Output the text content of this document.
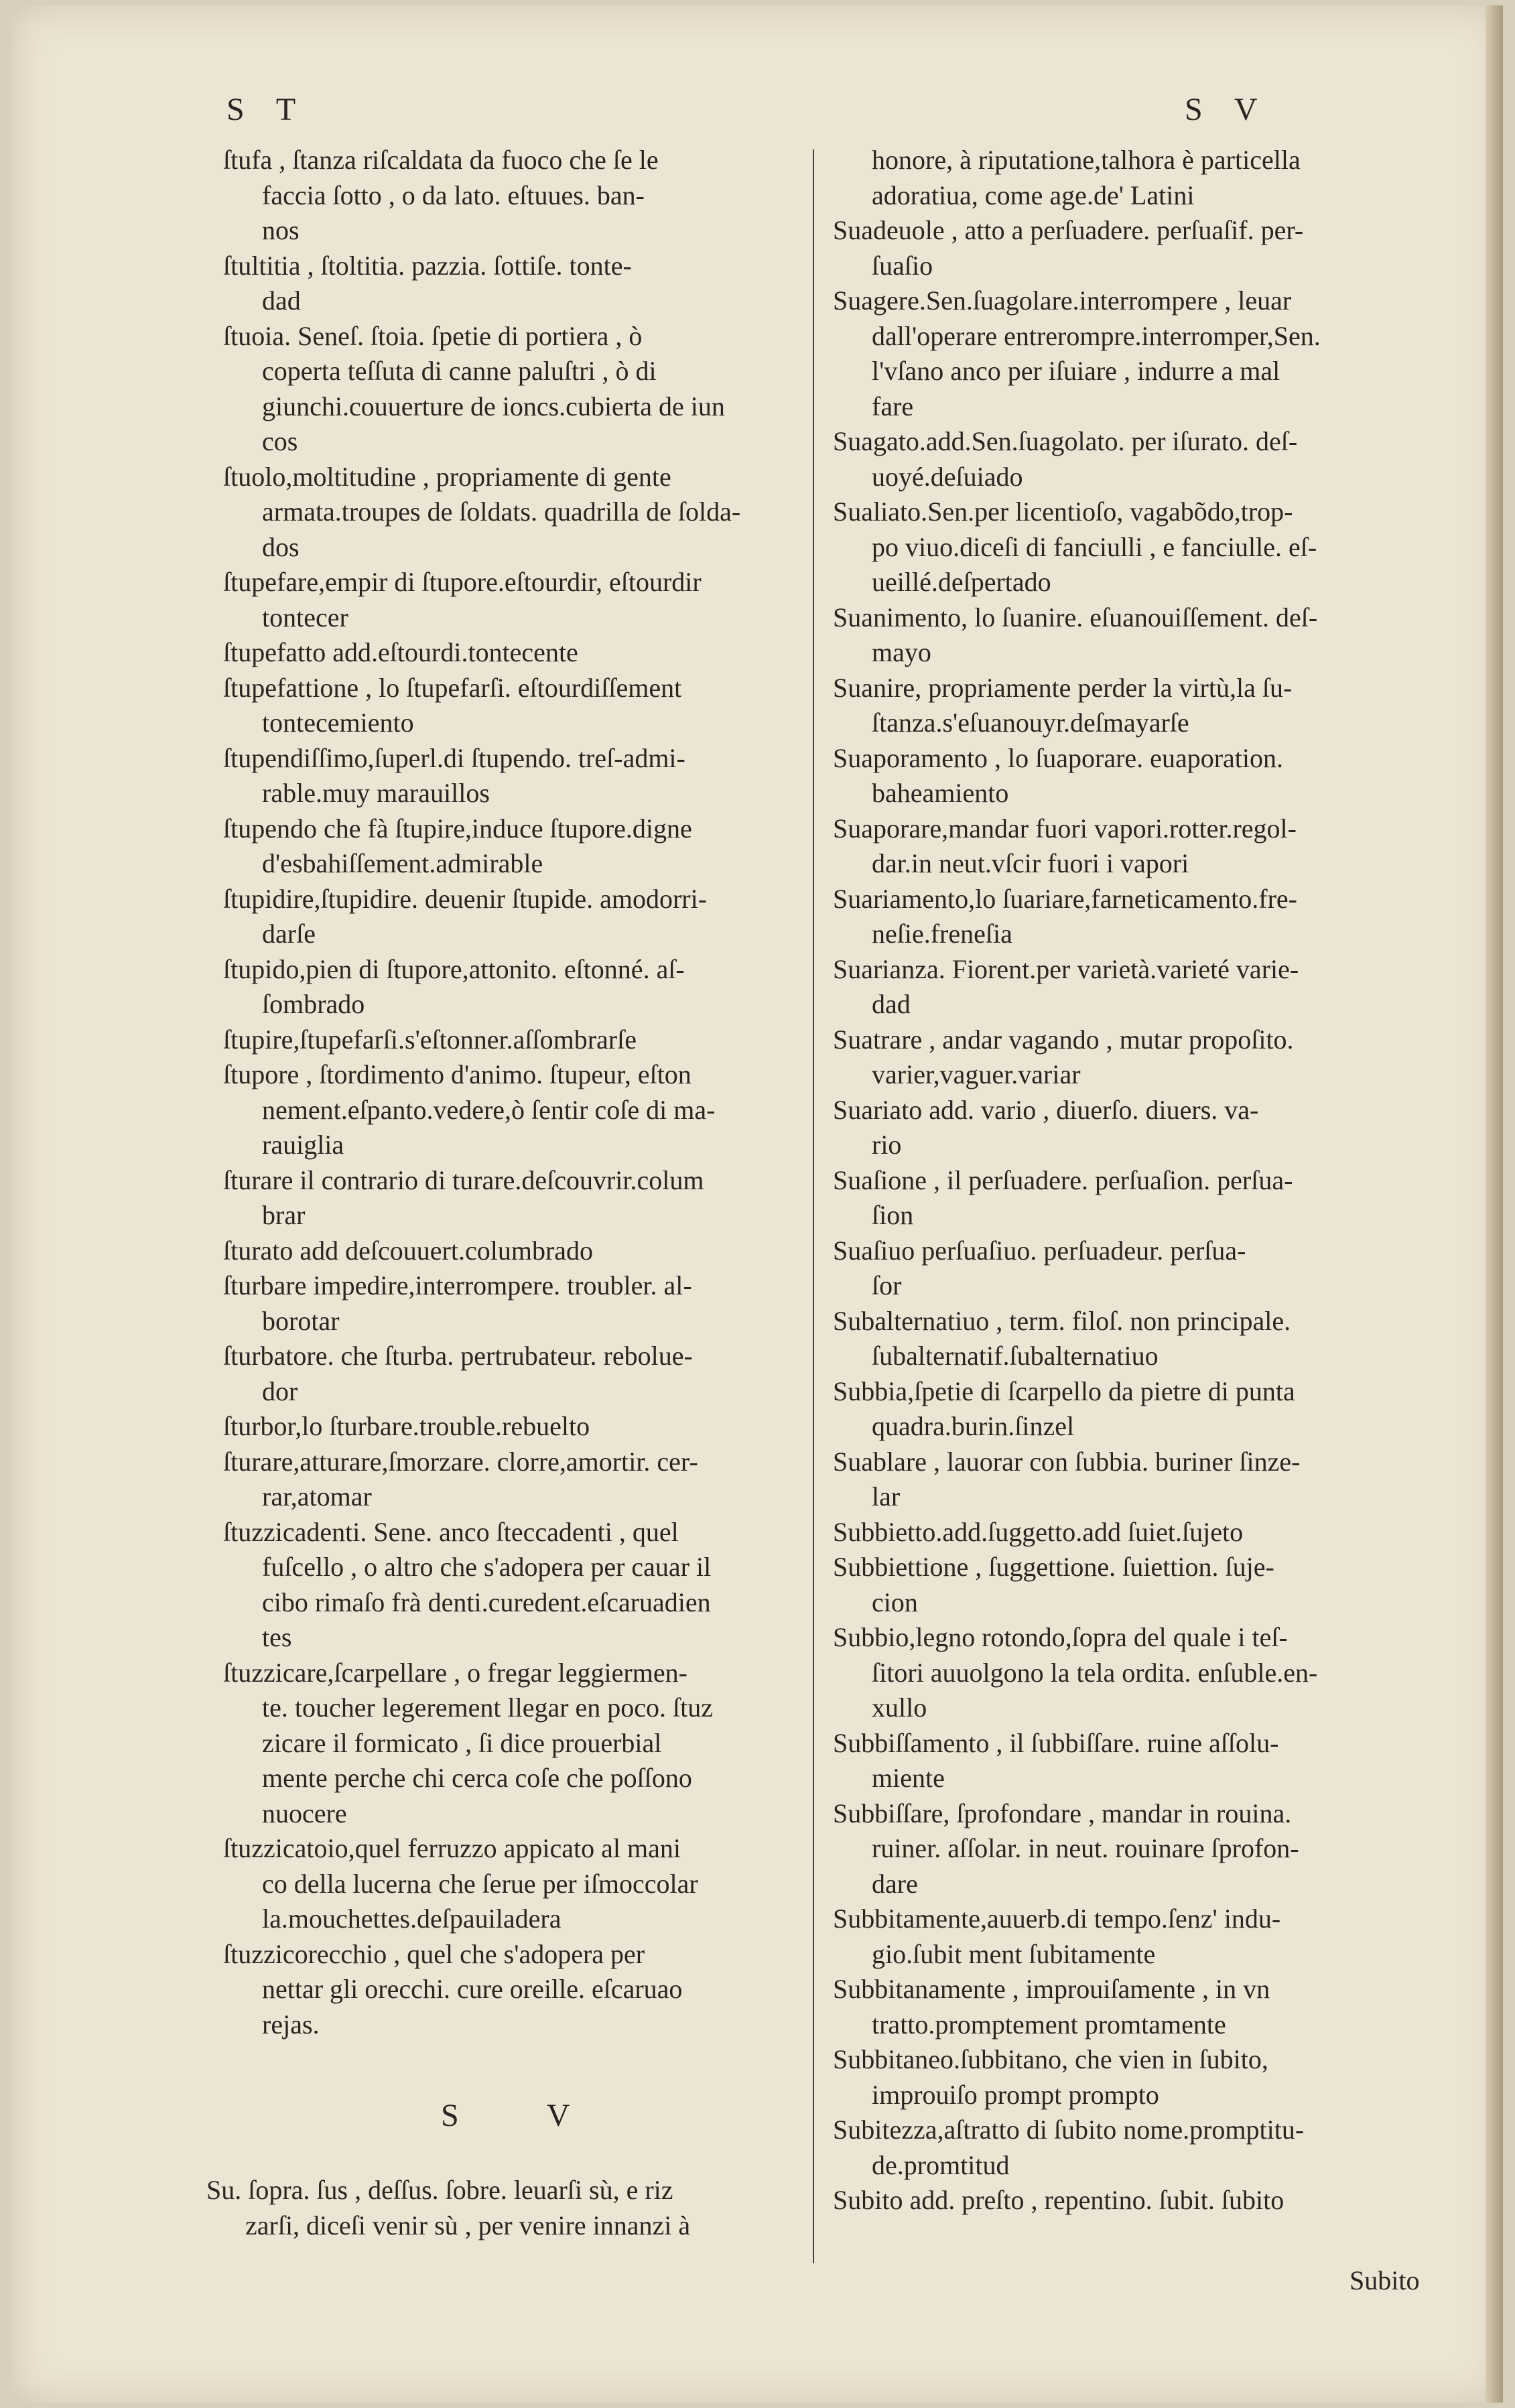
S T	S V
ſtufa , ſtanza riſcaldata da fuoco che ſe le
faccia ſotto , o da lato. eſtuues. ban-
nos
ſtultitia , ſtoltitia. pazzia. ſottiſe. tonte-
dad
ſtuoia. Seneſ. ſtoia. ſpetie di portiera , ò
coperta teſſuta di canne paluſtri , ò di
giunchi.couuerture de ioncs.cubierta de iun
cos
ſtuolo,moltitudine , propriamente di gente
armata.troupes de ſoldats. quadrilla de ſolda-
dos
ſtupefare,empir di ſtupore.eſtourdir, eſtourdir
tontecer
ſtupefatto add.eſtourdi.tontecente
ſtupefattione , lo ſtupefarſi. eſtourdiſſement
tontecemiento
ſtupendiſſimo,ſuperl.di ſtupendo. treſ-admi-
rable.muy marauillos
ſtupendo che fà ſtupire,induce ſtupore.digne
d'esbahiſſement.admirable
ſtupidire,ſtupidire. deuenir ſtupide. amodorri-
darſe
ſtupido,pien di ſtupore,attonito. eſtonné. aſ-
ſombrado
ſtupire,ſtupefarſi.s'eſtonner.aſſombrarſe
ſtupore , ſtordimento d'animo. ſtupeur, eſton
nement.eſpanto.vedere,ò ſentir coſe di ma-
rauiglia
ſturare il contrario di turare.deſcouvrir.colum
brar
ſturato add deſcouuert.columbrado
ſturbare impedire,interrompere. troubler. al-
borotar
ſturbatore. che ſturba. pertrubateur. rebolue-
dor
ſturbor,lo ſturbare.trouble.rebuelto
ſturare,atturare,ſmorzare. clorre,amortir. cer-
rar,atomar
ſtuzzicadenti. Sene. anco ſteccadenti , quel
fuſcello , o altro che s'adopera per cauar il
cibo rimaſo frà denti.curedent.eſcaruadien
tes
ſtuzzicare,ſcarpellare , o fregar leggiermen-
te. toucher legerement llegar en poco. ſtuz
zicare il formicato , ſi dice prouerbial
mente perche chi cerca coſe che poſſono
nuocere
ſtuzzicatoio,quel ferruzzo appicato al mani
co della lucerna che ſerue per iſmoccolar
la.mouchettes.deſpauiladera
ſtuzzicorecchio , quel che s'adopera per
nettar gli orecchi. cure oreille. eſcaruao
rejas.
S V
Su. ſopra. ſus , deſſus. ſobre. leuarſi sù, e riz
zarſi, diceſi venir sù , per venire innanzi à
honore, à riputatione,talhora è particella
adoratiua, come age.de' Latini
Suadeuole , atto a perſuadere. perſuaſif. per-
ſuaſio
Suagere.Sen.ſuagolare.interrompere , leuar
dall'operare entrerompre.interromper,Sen.
l'vſano anco per iſuiare , indurre a mal
fare
Suagato.add.Sen.ſuagolato. per iſurato. deſ-
uoyé.deſuiado
Sualiato.Sen.per licentioſo, vagabõdo,trop-
po viuo.diceſi di fanciulli , e fanciulle. eſ-
ueillé.deſpertado
Suanimento, lo ſuanire. eſuanouiſſement. deſ-
mayo
Suanire, propriamente perder la virtù,la ſu-
ſtanza.s'eſuanouyr.deſmayarſe
Suaporamento , lo ſuaporare. euaporation.
baheamiento
Suaporare,mandar fuori vapori.rotter.regol-
dar.in neut.vſcir fuori i vapori
Suariamento,lo ſuariare,farneticamento.fre-
neſie.freneſia
Suarianza. Fiorent.per varietà.varieté varie-
dad
Suatrare , andar vagando , mutar propoſito.
varier,vaguer.variar
Suariato add. vario , diuerſo. diuers. va-
rio
Suaſione , il perſuadere. perſuaſion. perſua-
ſion
Suaſiuo perſuaſiuo. perſuadeur. perſua-
ſor
Subalternatiuo , term. filoſ. non principale.
ſubalternatif.ſubalternatiuo
Subbia,ſpetie di ſcarpello da pietre di punta
quadra.burin.ſinzel
Suablare , lauorar con ſubbia. buriner ſinze-
lar
Subbietto.add.ſuggetto.add ſuiet.ſujeto
Subbiettione , ſuggettione. ſuiettion. ſuje-
cion
Subbio,legno rotondo,ſopra del quale i teſ-
ſitori auuolgono la tela ordita. enſuble.en-
xullo
Subbiſſamento , il ſubbiſſare. ruine aſſolu-
miente
Subbiſſare, ſprofondare , mandar in rouina.
ruiner. aſſolar. in neut. rouinare ſprofon-
dare
Subbitamente,auuerb.di tempo.ſenz' indu-
gio.ſubit ment ſubitamente
Subbitanamente , improuiſamente , in vn
tratto.promptement promtamente
Subbitaneo.ſubbitano, che vien in ſubito,
improuiſo prompt prompto
Subitezza,aſtratto di ſubito nome.promptitu-
de.promtitud
Subito add. preſto , repentino. ſubit. ſubito
Subito
